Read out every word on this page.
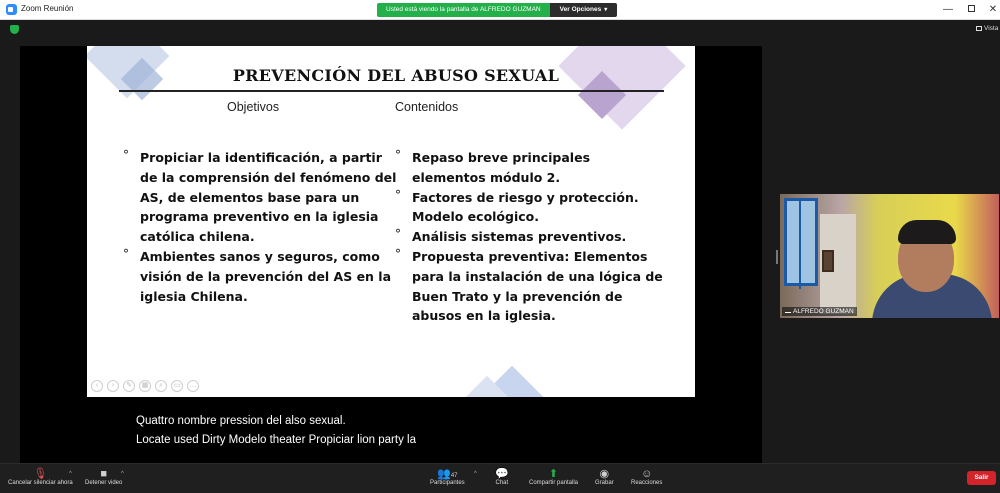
Zoom Reunión	Usted está viendo la pantalla de ALFREDO GUZMAN	Ver Opciones ▾	—	✕
Vista
PREVENCIÓN DEL ABUSO SEXUAL
Objetivos	Contenidos
° Propiciar la identificación, a partir de la comprensión del fenómeno del AS, de elementos base para un programa preventivo en la iglesia católica chilena.
° Ambientes sanos y seguros, como visión de la prevención del AS en la iglesia Chilena.
° Repaso breve principales elementos módulo 2.
° Factores de riesgo y protección. Modelo ecológico.
° Análisis sistemas preventivos.
° Propuesta preventiva: Elementos para la instalación de una lógica de Buen Trato y la prevención de abusos en la iglesia.
‹	›	✎	▦	⌕	▭	…
Quattro nombre pression del also sexual.
Locate used Dirty Modelo theater Propiciar lion party la
ALFREDO GUZMAN
🎙
Cancelar silenciar ahora
^	■
Detener video
^	👥47
Participantes
^ 💬
Chat
⬆
Compartir pantalla
◉
Grabar
☺
Reacciones
Salir
